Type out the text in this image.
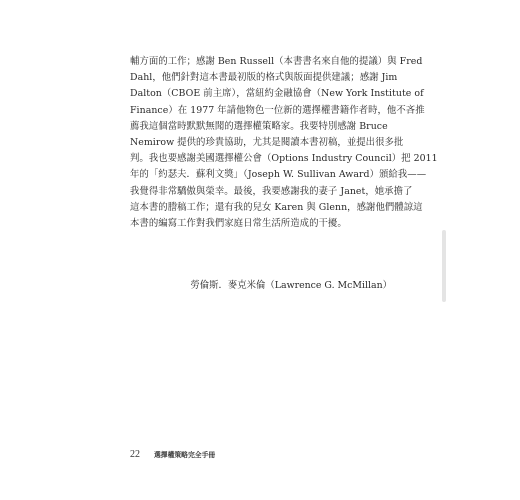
輔方面的工作；感謝 Ben Russell（本書書名來自他的提議）與 Fred
Dahl，他們針對這本書最初版的格式與版面提供建議；感謝 Jim
Dalton（CBOE 前主席），當紐約金融協會（New York Institute of
Finance）在 1977 年請他物色一位新的選擇權書籍作者時，他不吝推
薦我這個當時默默無聞的選擇權策略家。我要特別感謝 Bruce
Nemirow 提供的珍貴協助，尤其是閱讀本書初稿，並提出很多批
判。我也要感謝美國選擇權公會（Options Industry Council）把 2011
年的「約瑟夫．蘇利文獎」（Joseph W. Sullivan Award）頒給我——
我覺得非常驕傲與榮幸。最後，我要感謝我的妻子 Janet，她承擔了
這本書的謄稿工作；還有我的兒女 Karen 與 Glenn，感謝他們體諒這
本書的編寫工作對我們家庭日常生活所造成的干擾。
勞倫斯．麥克米倫（Lawrence G. McMillan）
22 選擇權策略完全手冊
